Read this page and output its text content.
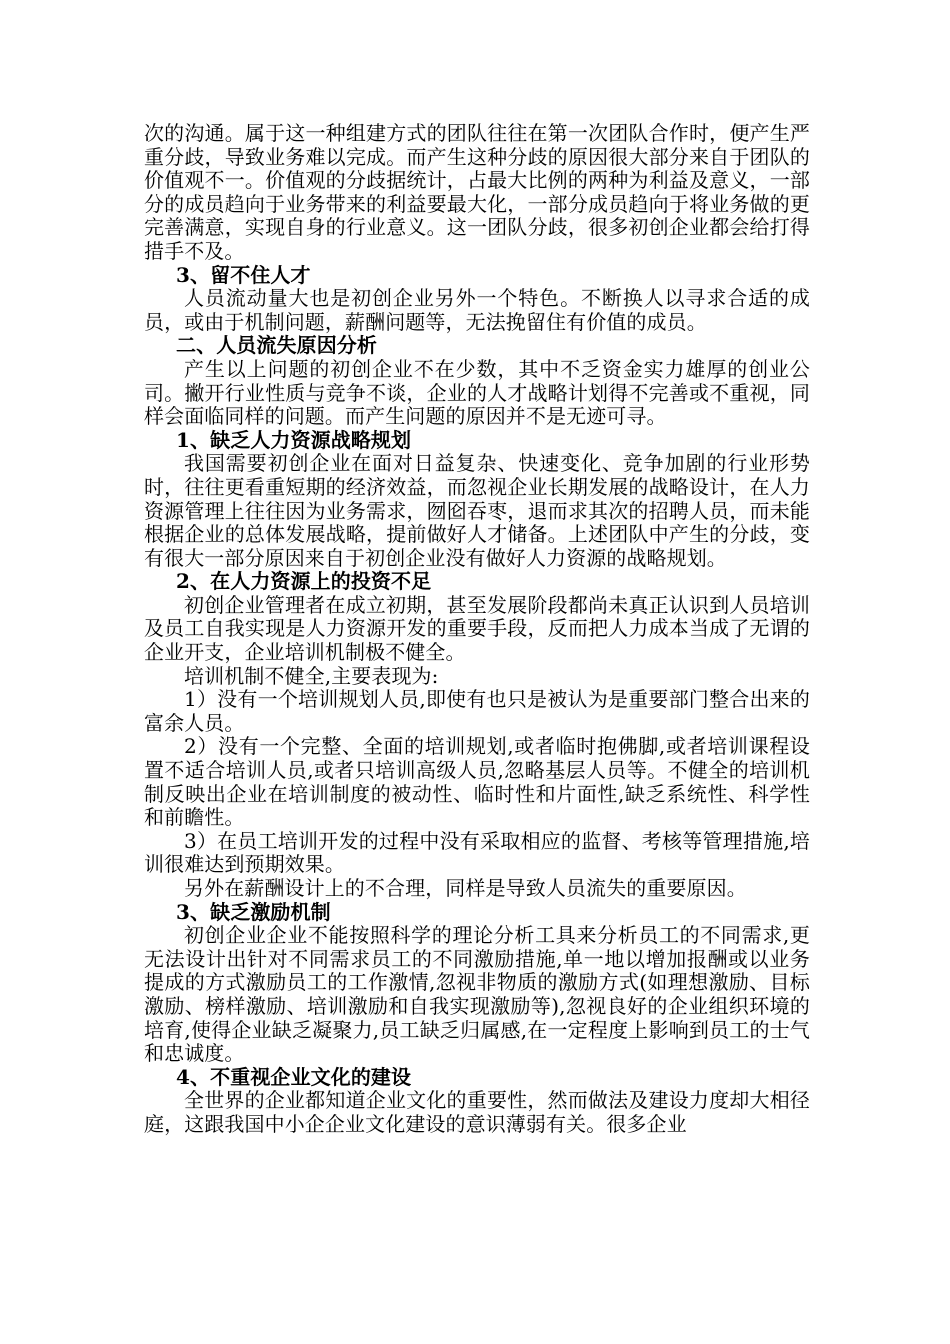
次的沟通。属于这一种组建方式的团队往往在第一次团队合作时，便产生严重分歧，导致业务难以完成。而产生这种分歧的原因很大部分来自于团队的价值观不一。价值观的分歧据统计，占最大比例的两种为利益及意义，一部分的成员趋向于业务带来的利益要最大化，一部分成员趋向于将业务做的更完善满意，实现自身的行业意义。这一团队分歧，很多初创企业都会给打得措手不及。

3、留不住人才

人员流动量大也是初创企业另外一个特色。不断换人以寻求合适的成员，或由于机制问题，薪酬问题等，无法挽留住有价值的成员。

二、人员流失原因分析

产生以上问题的初创企业不在少数，其中不乏资金实力雄厚的创业公司。撇开行业性质与竞争不谈，企业的人才战略计划得不完善或不重视，同样会面临同样的问题。而产生问题的原因并不是无迹可寻。

1、缺乏人力资源战略规划

我国需要初创企业在面对日益复杂、快速变化、竞争加剧的行业形势时，往往更看重短期的经济效益，而忽视企业长期发展的战略设计，在人力资源管理上往往因为业务需求，囫囵吞枣，退而求其次的招聘人员，而未能根据企业的总体发展战略，提前做好人才储备。上述团队中产生的分歧，变有很大一部分原因来自于初创企业没有做好人力资源的战略规划。

2、在人力资源上的投资不足

初创企业管理者在成立初期，甚至发展阶段都尚未真正认识到人员培训及员工自我实现是人力资源开发的重要手段，反而把人力成本当成了无谓的企业开支，企业培训机制极不健全。

培训机制不健全,主要表现为:

1）没有一个培训规划人员,即使有也只是被认为是重要部门整合出来的富余人员。

2）没有一个完整、全面的培训规划,或者临时抱佛脚,或者培训课程设置不适合培训人员,或者只培训高级人员,忽略基层人员等。不健全的培训机制反映出企业在培训制度的被动性、临时性和片面性,缺乏系统性、科学性和前瞻性。

3）在员工培训开发的过程中没有采取相应的监督、考核等管理措施,培训很难达到预期效果。

另外在薪酬设计上的不合理，同样是导致人员流失的重要原因。

3、缺乏激励机制

初创企业企业不能按照科学的理论分析工具来分析员工的不同需求,更无法设计出针对不同需求员工的不同激励措施,单一地以增加报酬或以业务提成的方式激励员工的工作激情,忽视非物质的激励方式(如理想激励、目标激励、榜样激励、培训激励和自我实现激励等),忽视良好的企业组织环境的培育,使得企业缺乏凝聚力,员工缺乏归属感,在一定程度上影响到员工的士气和忠诚度。

4、不重视企业文化的建设

全世界的企业都知道企业文化的重要性，然而做法及建设力度却大相径庭，这跟我国中小企企业文化建设的意识薄弱有关。很多企业
